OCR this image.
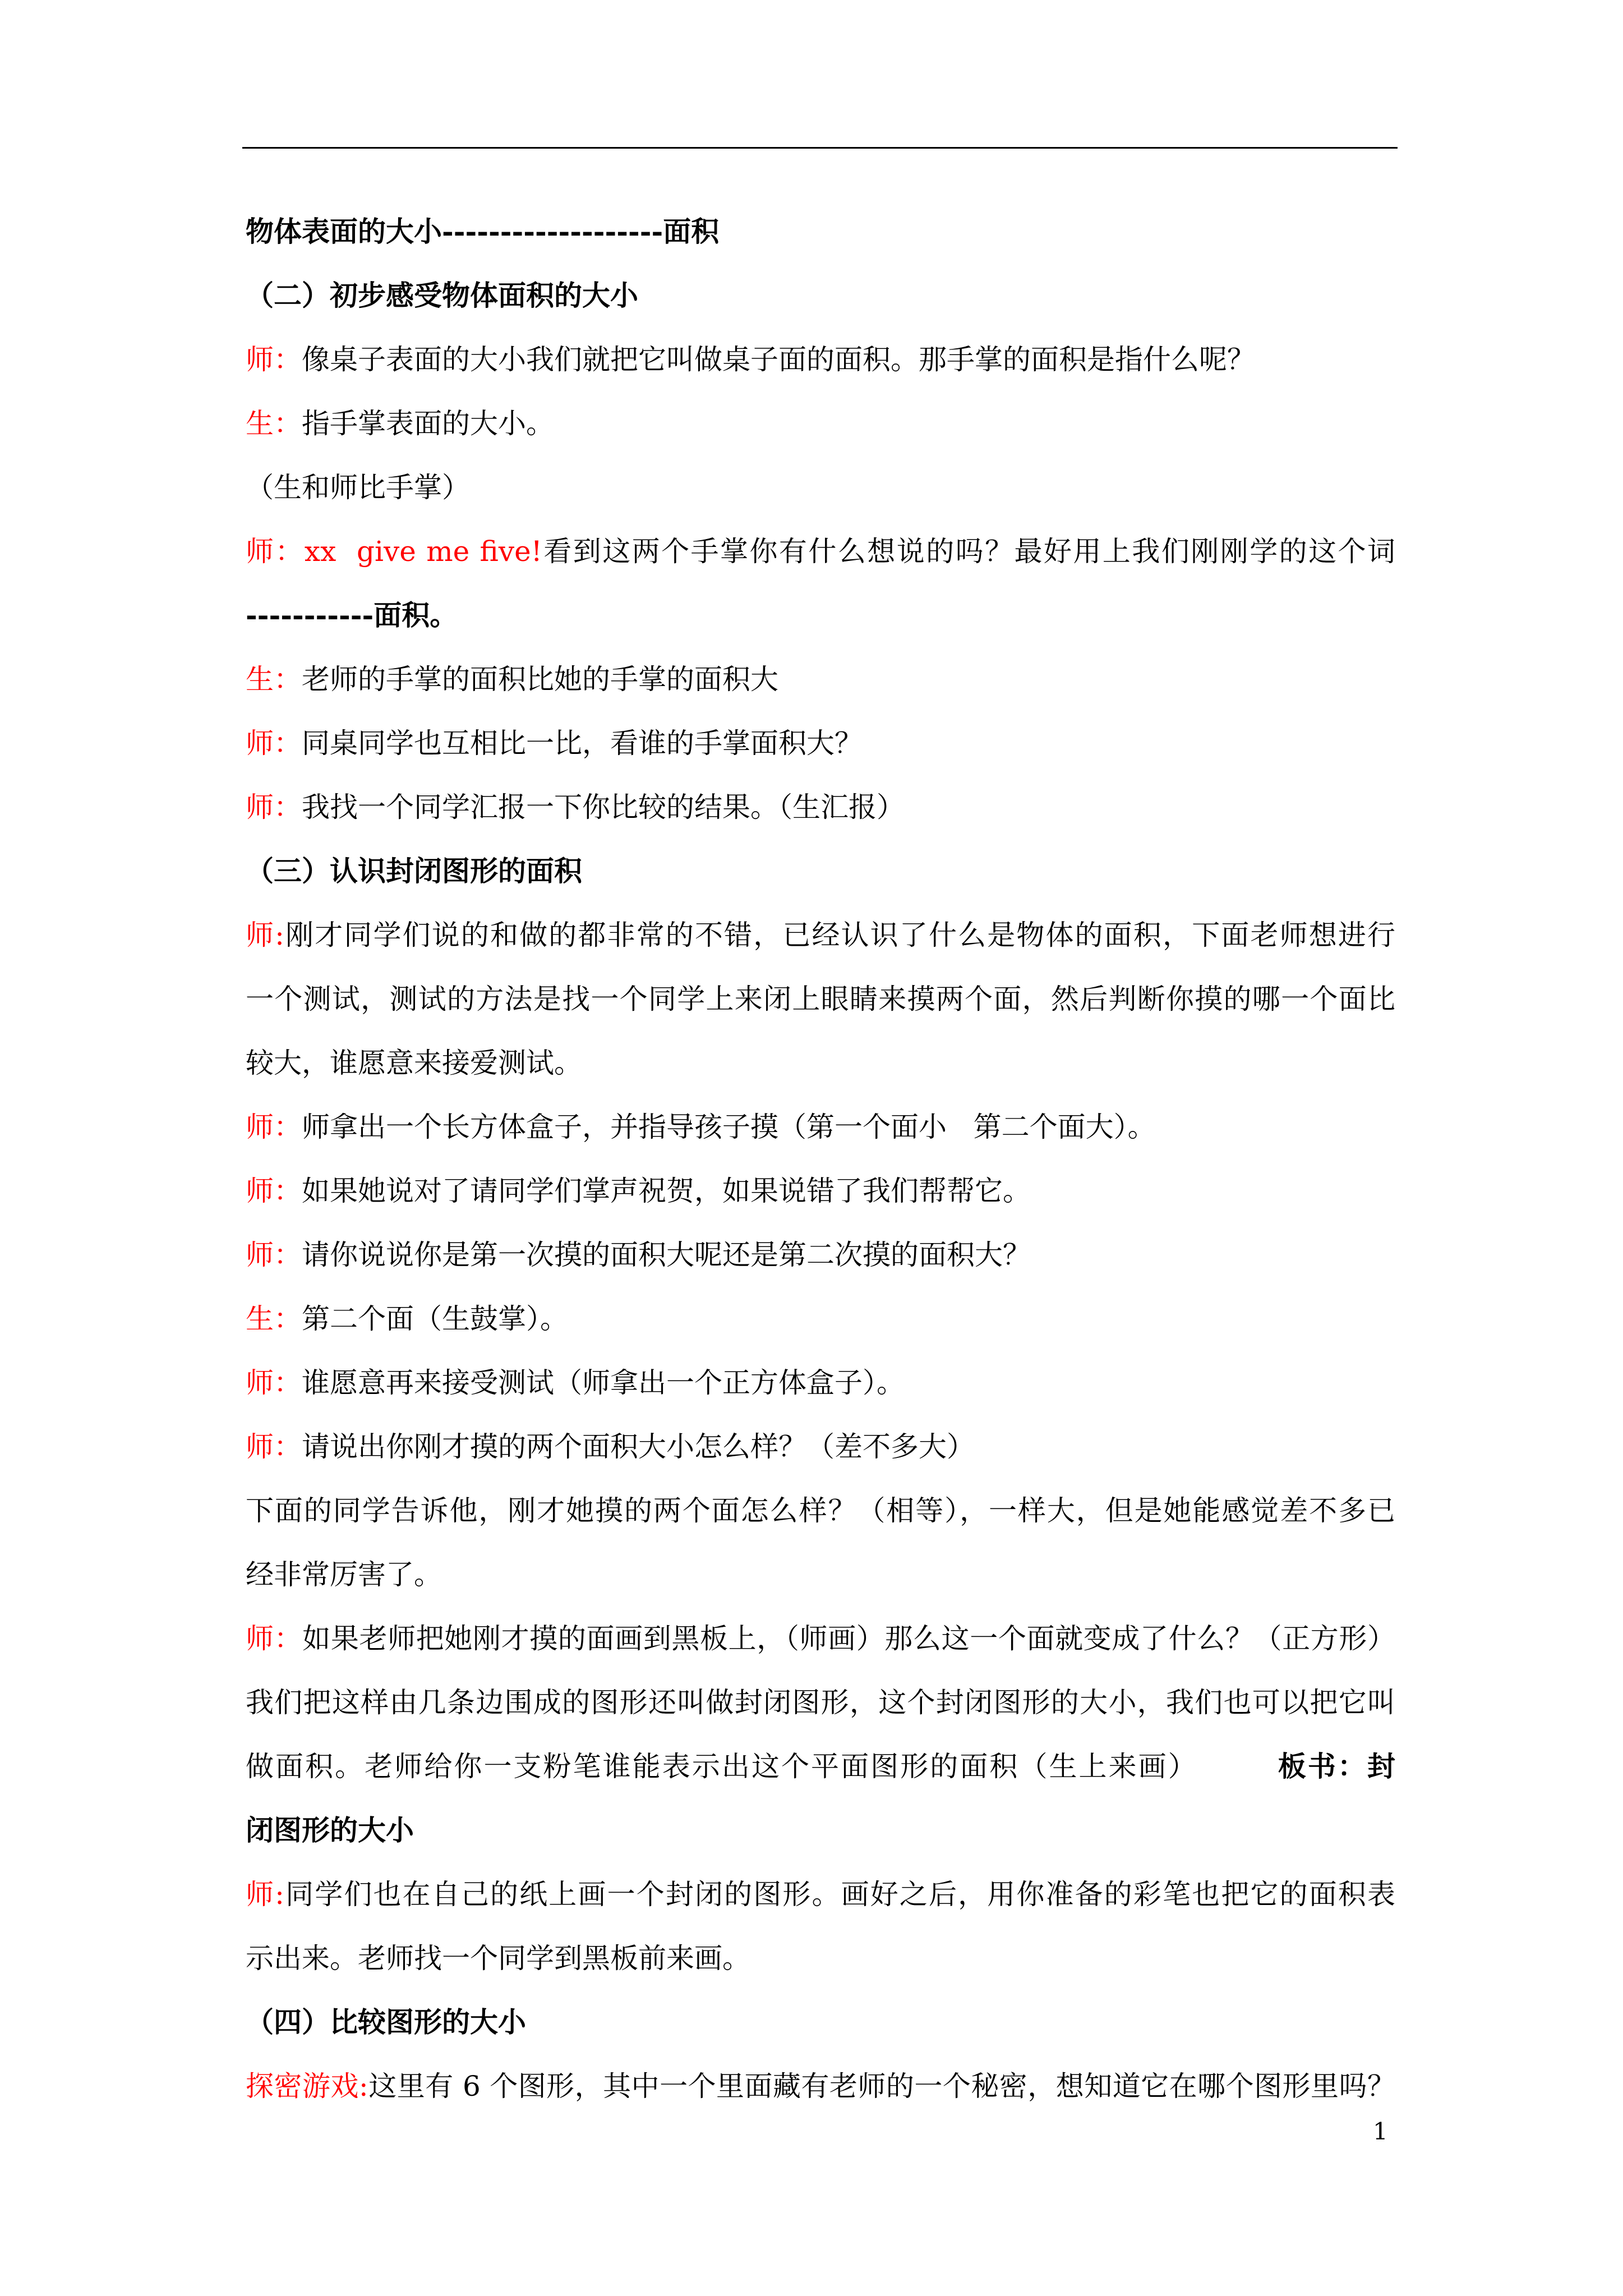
物体表面的大小-------------------面积
（二）初步感受物体面积的大小
师：像桌子表面的大小我们就把它叫做桌子面的面积。那手掌的面积是指什么呢？
生：指手掌表面的大小。
（生和师比手掌）
师：xx  give me five!看到这两个手掌你有什么想说的吗？最好用上我们刚刚学的这个词
-----------面积。
生：老师的手掌的面积比她的手掌的面积大
师：同桌同学也互相比一比，看谁的手掌面积大？
师：我找一个同学汇报一下你比较的结果。（生汇报）
（三）认识封闭图形的面积
师:刚才同学们说的和做的都非常的不错，已经认识了什么是物体的面积，下面老师想进行
一个测试，测试的方法是找一个同学上来闭上眼睛来摸两个面，然后判断你摸的哪一个面比
较大，谁愿意来接爱测试。
师：师拿出一个长方体盒子，并指导孩子摸（第一个面小   第二个面大）。
师：如果她说对了请同学们掌声祝贺，如果说错了我们帮帮它。
师：请你说说你是第一次摸的面积大呢还是第二次摸的面积大？
生：第二个面（生鼓掌）。
师：谁愿意再来接受测试（师拿出一个正方体盒子）。
师：请说出你刚才摸的两个面积大小怎么样？（差不多大）
下面的同学告诉他，刚才她摸的两个面怎么样？（相等），一样大，但是她能感觉差不多已
经非常厉害了。
师：如果老师把她刚才摸的面画到黑板上，（师画）那么这一个面就变成了什么？（正方形）
我们把这样由几条边围成的图形还叫做封闭图形，这个封闭图形的大小，我们也可以把它叫
做面积。老师给你一支粉笔谁能表示出这个平面图形的面积（生上来画）	板书：封
闭图形的大小
师:同学们也在自己的纸上画一个封闭的图形。画好之后，用你准备的彩笔也把它的面积表
示出来。老师找一个同学到黑板前来画。
（四）比较图形的大小
探密游戏:这里有 6 个图形，其中一个里面藏有老师的一个秘密，想知道它在哪个图形里吗？
1
